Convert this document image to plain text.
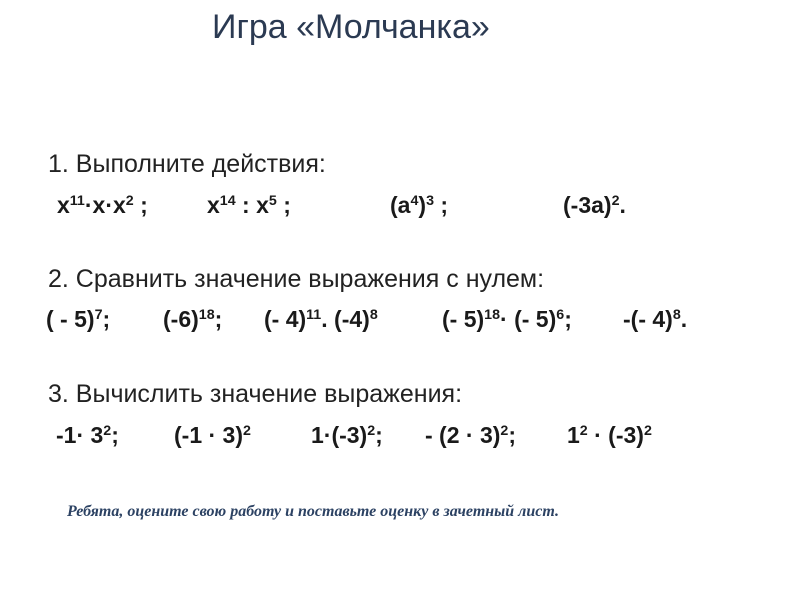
Игра «Молчанка»
1. Выполните действия:
$x^{11}\cdot x\cdot x^2$ ;	$x^{14}$ : $x^5$ ;	$(a^4)^3$ ;	$(-3a)^2$.
2. Сравнить значение выражения с нулем:
( - 5)$^7$; $(-6)^{18}$; (- 4)$^{11}$. $(-4)^8$	(- 5)$^{18}$· (- 5)$^6$; -(- 4)$^8$.
3. Вычислить значение выражения:
$-1\cdot 3^2$; $(-1 \cdot 3)^2$	$1\cdot(-3)^2$; - $(2 \cdot 3)^2$; $1^2 \cdot (-3)^2$
Ребята, оцените свою работу и поставьте оценку в зачетный лист.
